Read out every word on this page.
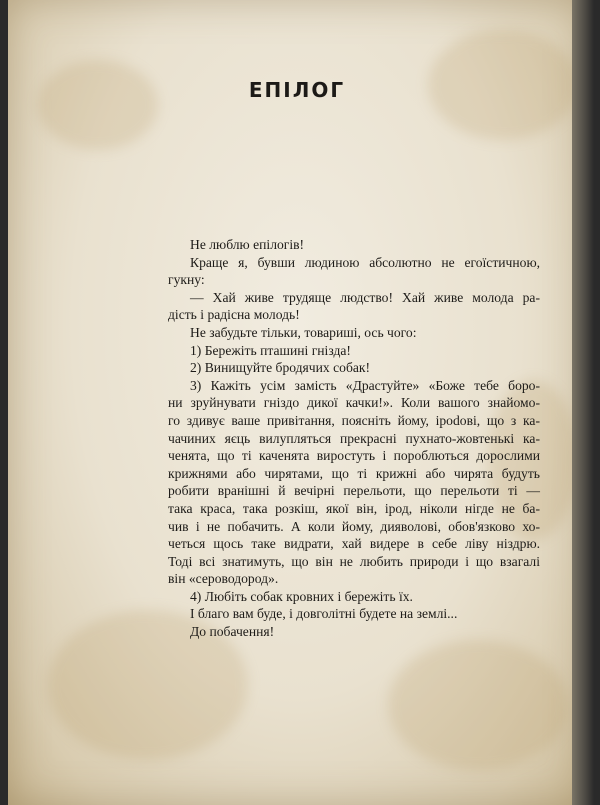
ЕПІЛОГ
Не люблю епілогів!
Краще я, бувши людиною абсолютно не егоїстичною,
гукну:
— Хай живе трудяще людство! Хай живе молода ра-
дість і радісна молодь!
Не забудьте тільки, товариші, ось чого:
1) Бережіть пташині гнізда!
2) Винищуйте бродячих собак!
3) Кажіть усім замість «Драстуйте» «Боже тебе боро-
ни зруйнувати гніздо дикої качки!». Коли вашого знайомо-
го здивує ваше привітання, поясніть йому, ірodові, що з ка-
чачиних яєць вилупляться прекрасні пухнато-жовтенькі ка-
ченята, що ті каченята виростуть і пороблються дорослими
крижнями або чирятами, що ті крижні або чирята будуть
робити вранішні й вечірні перельоти, що перельоти ті —
така краса, така розкіш, якої він, ірод, ніколи нігде не ба-
чив і не побачить. А коли йому, дияволові, обов'язково хо-
четься щось таке видрати, хай видере в себе ліву ніздрю.
Тоді всі знатимуть, що він не любить природи і що взагалі
він «сероводород».
4) Любіть собак кровних і бережіть їх.
І благо вам буде, і довголітні будете на землі...
До побачення!
